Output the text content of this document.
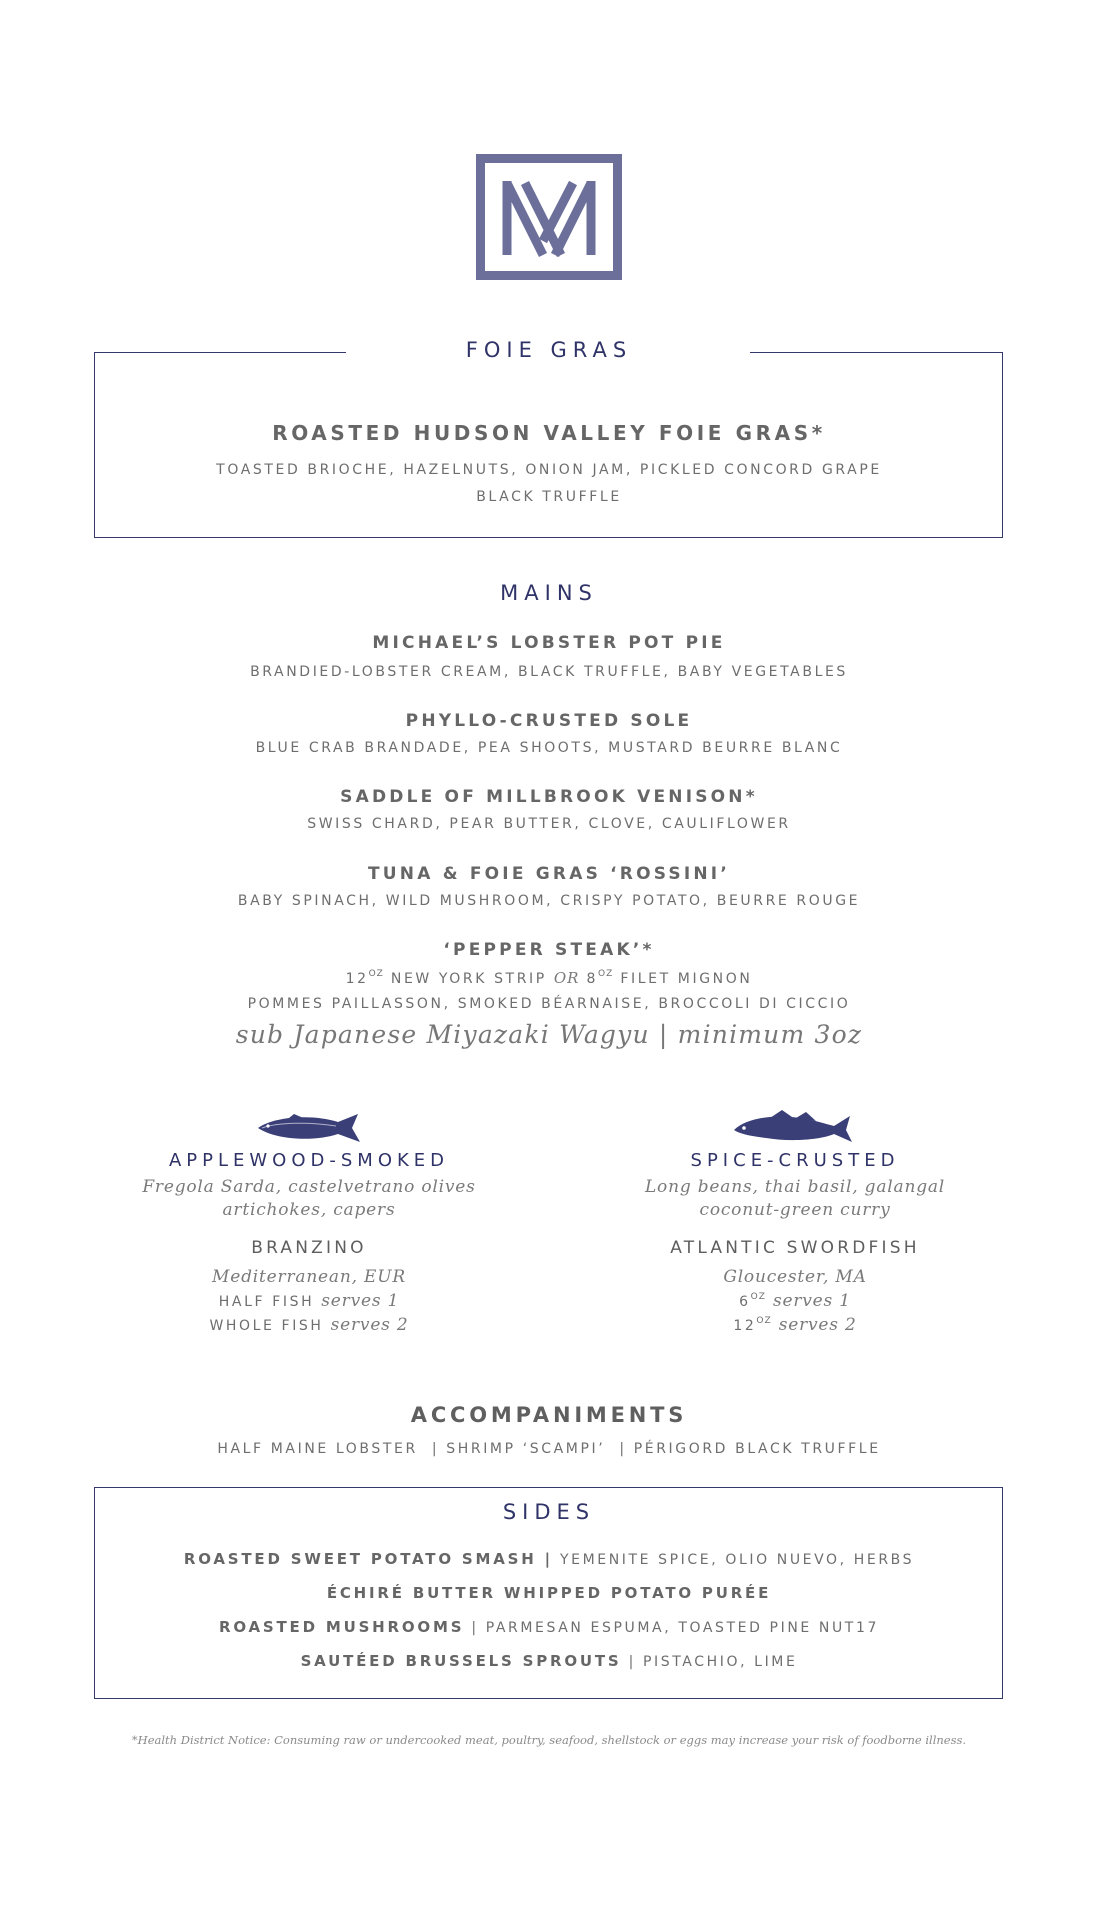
FOIE GRAS
ROASTED HUDSON VALLEY FOIE GRAS*
TOASTED BRIOCHE, HAZELNUTS, ONION JAM, PICKLED CONCORD GRAPE
BLACK TRUFFLE
MAINS
MICHAEL’S LOBSTER POT PIE
BRANDIED-LOBSTER CREAM, BLACK TRUFFLE, BABY VEGETABLES
PHYLLO-CRUSTED SOLE
BLUE CRAB BRANDADE, PEA SHOOTS, MUSTARD BEURRE BLANC
SADDLE OF MILLBROOK VENISON*
SWISS CHARD, PEAR BUTTER, CLOVE, CAULIFLOWER
TUNA & FOIE GRAS ‘ROSSINI’
BABY SPINACH, WILD MUSHROOM, CRISPY POTATO, BEURRE ROUGE
‘PEPPER STEAK’*
$12^{OZ}$ NEW YORK STRIP OR $8^{OZ}$ FILET MIGNON
POMMES PAILLASSON, SMOKED BÉARNAISE, BROCCOLI DI CICCIO
sub Japanese Miyazaki Wagyu | minimum 3oz
APPLEWOOD-SMOKED
Fregola Sarda, castelvetrano olives
artichokes, capers
BRANZINO
Mediterranean, EUR
HALF FISH serves 1
WHOLE FISH serves 2
SPICE-CRUSTED
Long beans, thai basil, galangal
coconut-green curry
ATLANTIC SWORDFISH
Gloucester, MA
$6^{OZ}$ serves 1
$12^{OZ}$ serves 2
ACCOMPANIMENTS
HALF MAINE LOBSTER  | SHRIMP ‘SCAMPI’  | PÉRIGORD BLACK TRUFFLE
SIDES
ROASTED SWEET POTATO SMASH | YEMENITE SPICE, OLIO NUEVO, HERBS
ÉCHIRÉ BUTTER WHIPPED POTATO PURÉE
ROASTED MUSHROOMS | PARMESAN ESPUMA, TOASTED PINE NUT17
SAUTÉED BRUSSELS SPROUTS | PISTACHIO, LIME
*Health District Notice: Consuming raw or undercooked meat, poultry, seafood, shellstock or eggs may increase your risk of foodborne illness.
